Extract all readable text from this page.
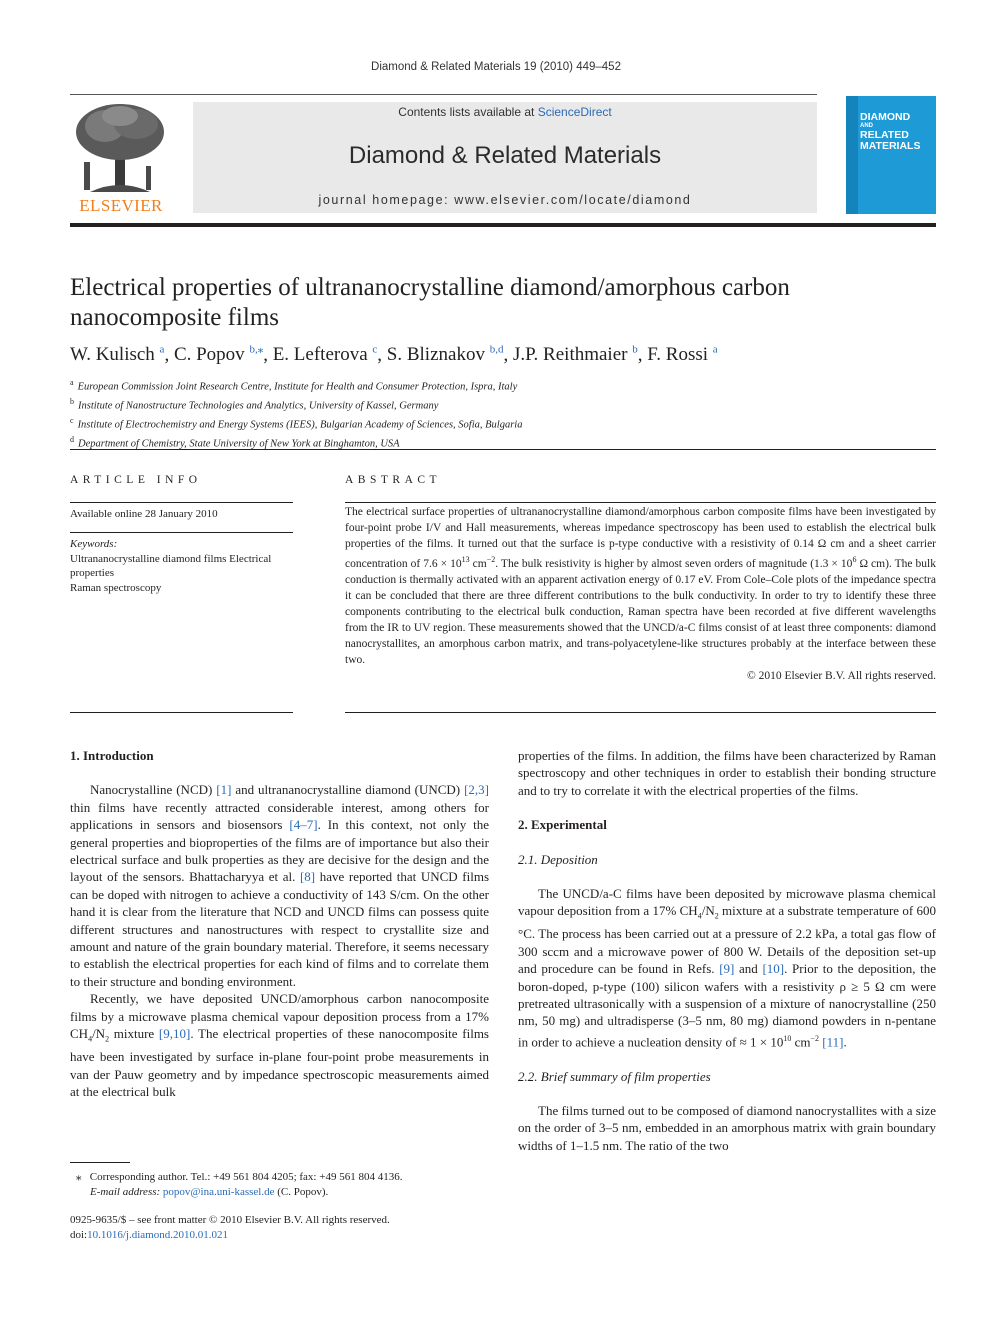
Diamond & Related Materials 19 (2010) 449–452
ELSEVIER
Contents lists available at ScienceDirect
Diamond & Related Materials
journal homepage: www.elsevier.com/locate/diamond
DIAMOND
AND
RELATED
MATERIALS
Electrical properties of ultrananocrystalline diamond/amorphous carbon nanocomposite films
W. Kulisch $^a$, C. Popov $^{b,⁎}$, E. Lefterova $^c$, S. Bliznakov $^{b,d}$, J.P. Reithmaier $^b$, F. Rossi $^a$
$^a$ European Commission Joint Research Centre, Institute for Health and Consumer Protection, Ispra, Italy
$^b$ Institute of Nanostructure Technologies and Analytics, University of Kassel, Germany
$^c$ Institute of Electrochemistry and Energy Systems (IEES), Bulgarian Academy of Sciences, Sofia, Bulgaria
$^d$ Department of Chemistry, State University of New York at Binghamton, USA
ARTICLE INFO
Available online 28 January 2010
Keywords:
Ultrananocrystalline diamond films Electrical
properties
Raman spectroscopy
ABSTRACT
The electrical surface properties of ultrananocrystalline diamond/amorphous carbon composite films have been investigated by four-point probe I/V and Hall measurements, whereas impedance spectroscopy has been used to establish the electrical bulk properties of the films. It turned out that the surface is p-type conductive with a resistivity of 0.14 Ω cm and a sheet carrier concentration of $7.6 \times 10^{13}$ $cm^{-2}$. The bulk resistivity is higher by almost seven orders of magnitude ($1.3 \times 10^6$ Ω cm). The bulk conduction is thermally activated with an apparent activation energy of 0.17 eV. From Cole–Cole plots of the impedance spectra it can be concluded that there are three different contributions to the bulk conductivity. In order to try to identify these three components contributing to the electrical bulk conduction, Raman spectra have been recorded at five different wavelengths from the IR to UV region. These measurements showed that the UNCD/a-C films consist of at least three components: diamond nanocrystallites, an amorphous carbon matrix, and trans-polyacetylene-like structures probably at the interface between these two.
© 2010 Elsevier B.V. All rights reserved.
1. Introduction

Nanocrystalline (NCD) [1] and ultrananocrystalline diamond (UNCD) [2,3] thin films have recently attracted considerable interest, among others for applications in sensors and biosensors [4–7]. In this context, not only the general properties and bioproperties of the films are of importance but also their electrical surface and bulk properties as they are decisive for the design and the layout of the sensors. Bhattacharyya et al. [8] have reported that UNCD films can be doped with nitrogen to achieve a conductivity of 143 S/cm. On the other hand it is clear from the literature that NCD and UNCD films can possess quite different structures and nanostructures with respect to crystallite size and amount and nature of the grain boundary material. Therefore, it seems necessary to establish the electrical properties for each kind of films and to correlate them to their structure and bonding environment.

Recently, we have deposited UNCD/amorphous carbon nanocomposite films by a microwave plasma chemical vapour deposition process from a 17% $CH_4/N_2$ mixture [9,10]. The electrical properties of these nanocomposite films have been investigated by surface in-plane four-point probe measurements in van der Pauw geometry and by impedance spectroscopic measurements aimed at the electrical bulk

properties of the films. In addition, the films have been characterized by Raman spectroscopy and other techniques in order to establish their bonding structure and to try to correlate it with the electrical properties of the films.

2. Experimental
2.1. Deposition

The UNCD/a-C films have been deposited by microwave plasma chemical vapour deposition from a 17% $CH_4/N_2$ mixture at a substrate temperature of 600 °C. The process has been carried out at a pressure of 2.2 kPa, a total gas flow of 300 sccm and a microwave power of 800 W. Details of the deposition set-up and procedure can be found in Refs. [9] and [10]. Prior to the deposition, the boron-doped, p-type (100) silicon wafers with a resistivity ρ ≥ 5 Ω cm were pretreated ultrasonically with a suspension of a mixture of nanocrystalline (250 nm, 50 mg) and ultradisperse (3–5 nm, 80 mg) diamond powders in n-pentane in order to achieve a nucleation density of ≈ $1 \times 10^{10}$ $cm^{-2}$ [11].

2.2. Brief summary of film properties

The films turned out to be composed of diamond nanocrystallites with a size on the order of 3–5 nm, embedded in an amorphous matrix with grain boundary widths of 1–1.5 nm. The ratio of the two

⁎ Corresponding author. Tel.: +49 561 804 4205; fax: +49 561 804 4136.
E-mail address: popov@ina.uni-kassel.de (C. Popov).
0925-9635/$ – see front matter © 2010 Elsevier B.V. All rights reserved.
doi:10.1016/j.diamond.2010.01.021
